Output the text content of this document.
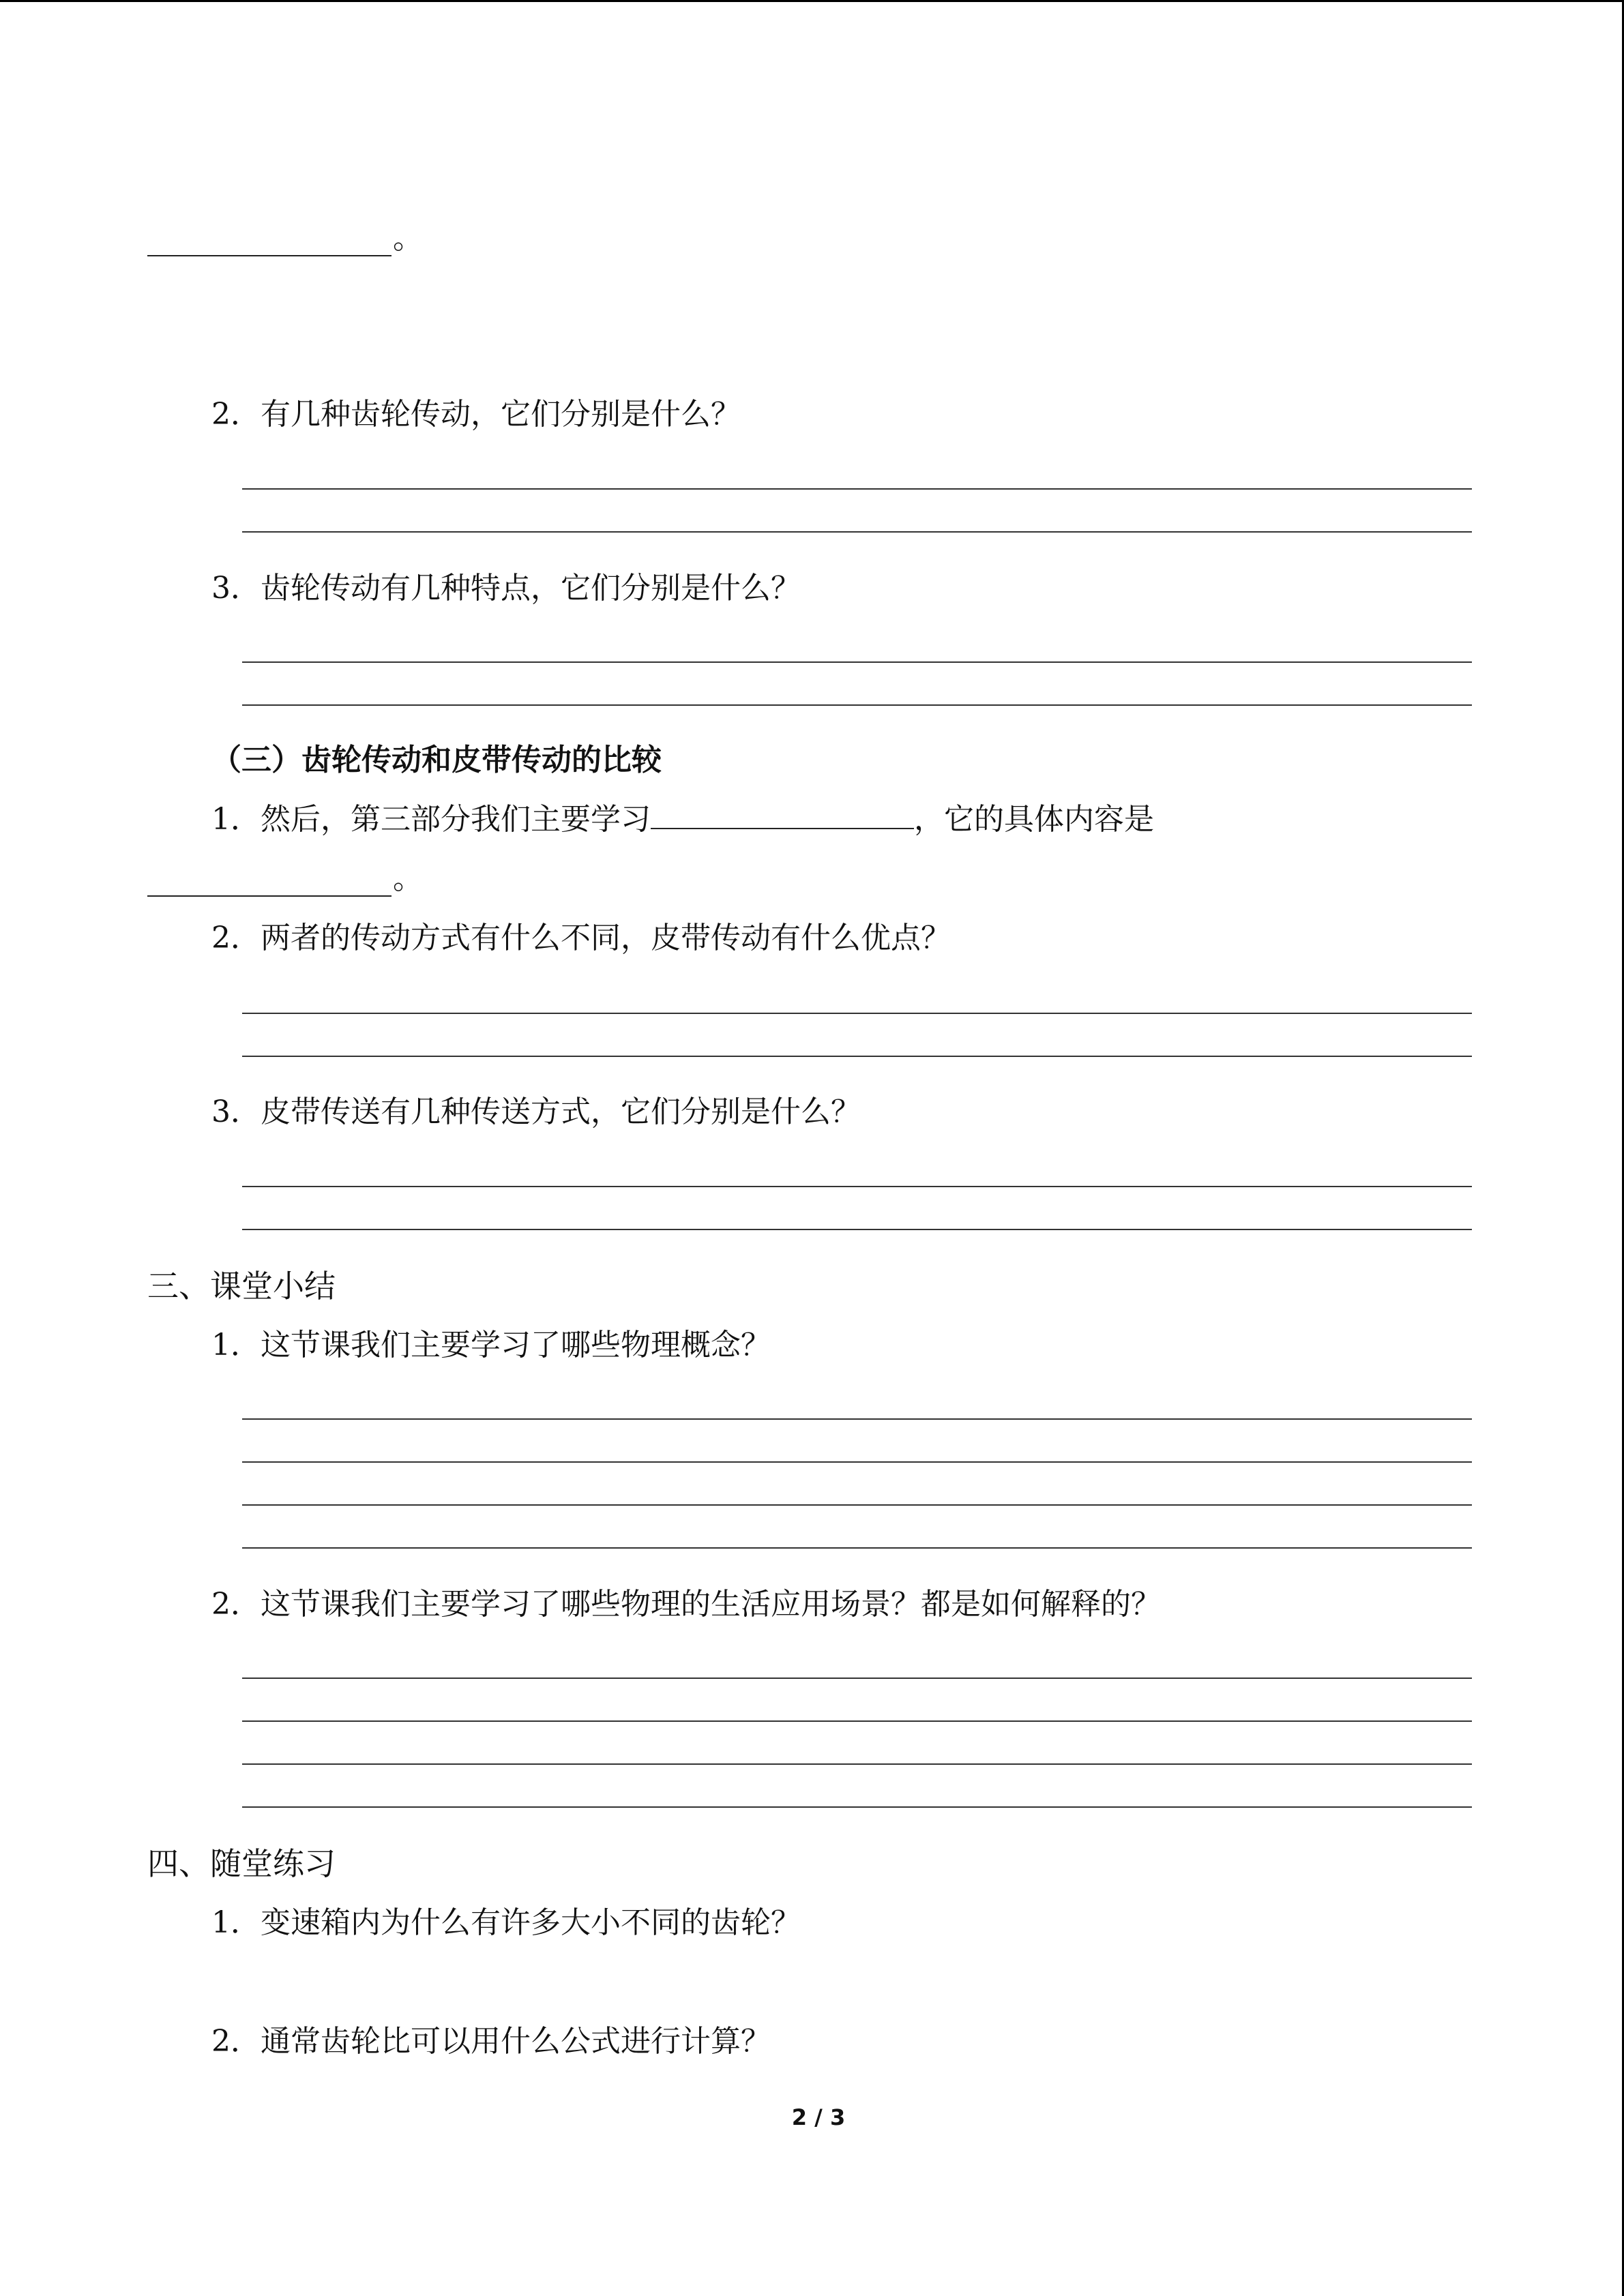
。
2．有几种齿轮传动，它们分别是什么？
3．齿轮传动有几种特点，它们分别是什么？
（三）齿轮传动和皮带传动的比较
1．然后，第三部分我们主要学习	，它的具体内容是
。
2．两者的传动方式有什么不同，皮带传动有什么优点？
3．皮带传送有几种传送方式，它们分别是什么？
三、课堂小结
1．这节课我们主要学习了哪些物理概念？
2．这节课我们主要学习了哪些物理的生活应用场景？都是如何解释的？
四、随堂练习
1．变速箱内为什么有许多大小不同的齿轮？
2．通常齿轮比可以用什么公式进行计算？
2 / 3
